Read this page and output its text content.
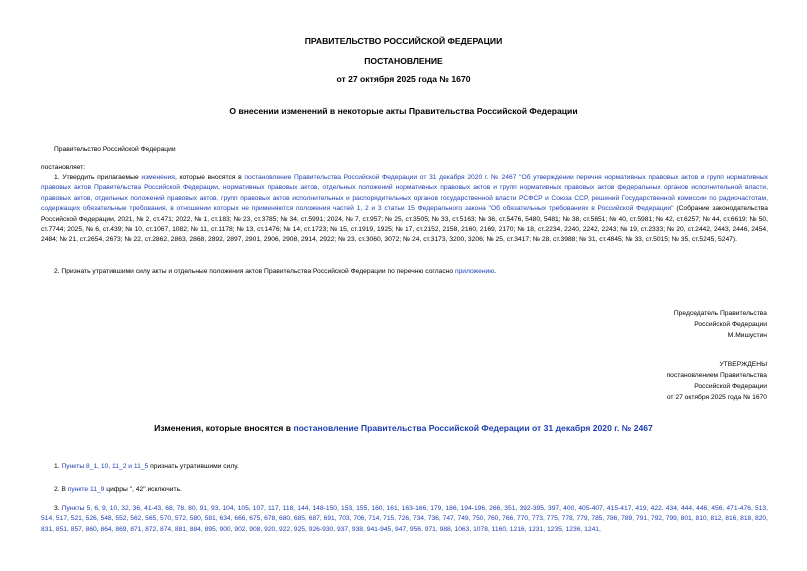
ПРАВИТЕЛЬСТВО РОССИЙСКОЙ ФЕДЕРАЦИИ
ПОСТАНОВЛЕНИЕ
от 27 октября 2025 года № 1670
О внесении изменений в некоторые акты Правительства Российской Федерации
Правительство Российской Федерации
постановляет:
1. Утвердить прилагаемые изменения, которые вносятся в постановление Правительства Российской Федерации от 31 декабря 2020 г. № 2467 "Об утверждении перечня нормативных правовых актов и групп нормативных правовых актов Правительства Российской Федерации, нормативных правовых актов, отдельных положений нормативных правовых актов и групп нормативных правовых актов федеральных органов исполнительной власти, правовых актов, отдельных положений правовых актов, групп правовых актов исполнительных и распорядительных органов государственной власти РСФСР и Союза ССР, решений Государственной комиссии по радиочастотам, содержащих обязательные требования, в отношении которых не применяются положения частей 1, 2 и 3 статьи 15 Федерального закона "Об обязательных требованиях в Российской Федерации" (Собрание законодательства Российской Федерации, 2021, № 2, ст.471; 2022, № 1, ст.183; № 23, ст.3785; № 34, ст.5991; 2024, № 7, ст.957; № 25, ст.3505; № 33, ст.5163; № 36, ст.5476, 5480, 5481; № 38, ст.5651; № 40, ст.5981; № 42, ст.6257; № 44, ст.6619; № 50, ст.7744; 2025, № 6, ст.439; № 10, ст.1067, 1082; № 11, ст.1178; № 13, ст.1476; № 14, ст.1723; № 15, ст.1919, 1925; № 17, ст.2152, 2158, 2160, 2169, 2170; № 18, ст.2234, 2240, 2242, 2243; № 19, ст.2333; № 20, ст.2442, 2443, 2446, 2454, 2484; № 21, ст.2654, 2673; № 22, ст.2862, 2863, 2868, 2892, 2897, 2901, 2906, 2908, 2914, 2922; № 23, ст.3060, 3072; № 24, ст.3173, 3200, 3206; № 25, ст.3417; № 28, ст.3988; № 31, ст.4845; № 33, ст.5015; № 35, ст.5245, 5247).
2. Признать утратившими силу акты и отдельные положения актов Правительства Российской Федерации по перечню согласно приложению.
Председатель Правительства
Российской Федерации
М.Мишустин
УТВЕРЖДЕНЫ
постановлением Правительства
Российской Федерации
от 27 октября 2025 года № 1670
Изменения, которые вносятся в постановление Правительства Российской Федерации от 31 декабря 2020 г. № 2467
1. Пункты 8_1, 10, 11_2 и 11_5 признать утратившими силу.
2. В пункте 11_9 цифры ", 42" исключить.
3. Пункты 5, 6, 9, 10, 32, 36, 41-43, 68, 78, 80, 91, 93, 104, 105, 107, 117, 118, 144, 148-150, 153, 155, 160, 161, 163-166, 179, 186, 194-196, 266, 351, 392-395, 397, 400, 405-407, 415-417, 419, 422, 434, 444, 446, 456, 471-476, 513, 514, 517, 521, 526, 548, 552, 562, 565, 570, 572, 580, 581, 634, 666, 675, 678, 680, 685, 687, 691, 703, 706, 714, 715, 726, 734, 736, 747, 749, 750, 760, 766, 770, 773, 775, 778, 779, 785, 786, 789, 791, 792, 799, 801, 810, 812, 816, 818, 820, 831, 851, 857, 860, 864, 869, 871, 872, 874, 881, 884, 895, 900, 902, 908, 920, 922, 925, 926-930, 937, 938, 941-945, 947, 956, 971, 988, 1063, 1078, 1160, 1216, 1231, 1235, 1236, 1241,
